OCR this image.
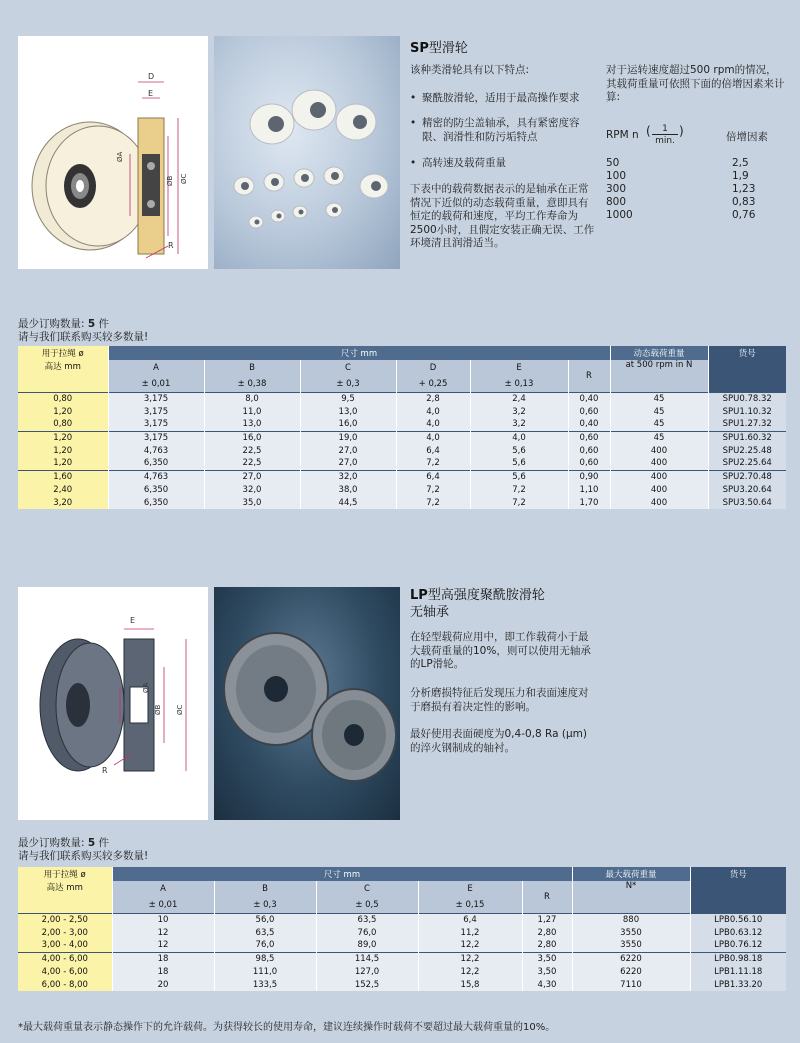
D
E
ØA
ØB ØC
R
SP型滑轮
该种类滑轮具有以下特点:
• 聚酰胺滑轮，适用于最高操作要求
• 精密的防尘盖轴承，具有紧密度容限、润滑性和防污垢特点
• 高转速及载荷重量
下表中的载荷数据表示的是轴承在正常情况下近似的动态载荷重量，意即具有恒定的载荷和速度，平均工作寿命为2500小时，且假定安装正确无误、工作环境清且润滑适当。
对于运转速度超过500 rpm的情况，其载荷重量可依照下面的倍增因素来计算:
RPM n (	1
min.
)	倍增因素
50	2,5
100	1,9
300	1,23
800	0,83
1000	0,76
最少订购数量: 5 件
请与我们联系购买较多数量!
用于拉绳 ø	尺寸 mm						动态载荷重量	货号
高达 mm	A	B	C	D	E	R	at 500 rpm in N	
	± 0,01	± 0,38	± 0,3	+ 0,25	± 0,13			
0,80	3,175	8,0	9,5	2,8	2,4	0,40	45	SPU0.78.32
1,20	3,175	11,0	13,0	4,0	3,2	0,60	45	SPU1.10.32
0,80	3,175	13,0	16,0	4,0	3,2	0,40	45	SPU1.27.32
1,20	3,175	16,0	19,0	4,0	4,0	0,60	45	SPU1.60.32
1,20	4,763	22,5	27,0	6,4	5,6	0,60	400	SPU2.25.48
1,20	6,350	22,5	27,0	7,2	5,6	0,60	400	SPU2.25.64
1,60	4,763	27,0	32,0	6,4	5,6	0,90	400	SPU2.70.48
2,40	6,350	32,0	38,0	7,2	7,2	1,10	400	SPU3.20.64
3,20	6,350	35,0	44,5	7,2	7,2	1,70	400	SPU3.50.64
E
ØA
ØB ØC
R
LP型高强度聚酰胺滑轮
无轴承
在轻型载荷应用中，即工作载荷小于最大载荷重量的10%，则可以使用无轴承的LP滑轮。
分析磨损特征后发现压力和表面速度对于磨损有着决定性的影响。
最好使用表面硬度为0,4-0,8 Ra (µm)的淬火钢制成的轴衬。
最少订购数量: 5 件
请与我们联系购买较多数量!
用于拉绳 ø	尺寸 mm					最大载荷重量	货号
高达 mm	A	B	C	E	R	N*	
	± 0,01	± 0,3	± 0,5	± 0,15			
2,00 - 2,50	10	56,0	63,5	6,4	1,27	880	LPB0.56.10
2,00 - 3,00	12	63,5	76,0	11,2	2,80	3550	LPB0.63.12
3,00 - 4,00	12	76,0	89,0	12,2	2,80	3550	LPB0.76.12
4,00 - 6,00	18	98,5	114,5	12,2	3,50	6220	LPB0.98.18
4,00 - 6,00	18	111,0	127,0	12,2	3,50	6220	LPB1.11.18
6,00 - 8,00	20	133,5	152,5	15,8	4,30	7110	LPB1.33.20
*最大载荷重量表示静态操作下的允许载荷。为获得较长的使用寿命，建议连续操作时载荷不要超过最大载荷重量的10%。
